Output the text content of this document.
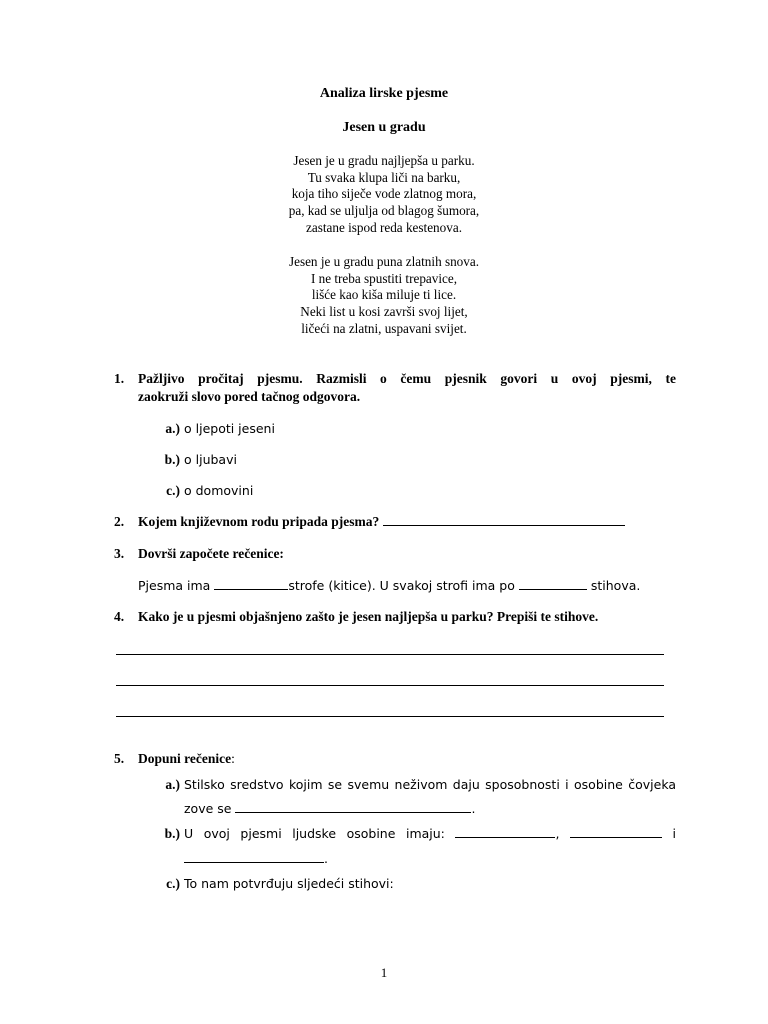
Analiza lirske pjesme
Jesen u gradu
Jesen je u gradu najljepša u parku.
Tu svaka klupa liči na barku,
koja tiho siječe vode zlatnog mora,
pa, kad se uljulja od blagog šumora,
zastane ispod reda kestenova.
Jesen je u gradu puna zlatnih snova.
I ne treba spustiti trepavice,
lišće kao kiša miluje ti lice.
Neki list u kosi završi svoj lijet,
ličeći na zlatni, uspavani svijet.
1. Pažljivo pročitaj pjesmu. Razmisli o čemu pjesnik govori u ovoj pjesmi, te
zaokruži slovo pored tačnog odgovora.
a.) o ljepoti jeseni
b.) o ljubavi
c.) o domovini
2. Kojem književnom rodu pripada pjesma?
3. Dovrši započete rečenice:
Pjesma ima	strofe (kitice). U svakoj strofi ima po	stihova.
4. Kako je u pjesmi objašnjeno zašto je jesen najljepša u parku? Prepiši te stihove.
5. Dopuni rečenice:
a.) Stilsko sredstvo kojim se svemu neživom daju sposobnosti i osobine čovjeka
zove se	.
b.) U ovoj pjesmi ljudske osobine imaju:	,	i
.
c.) To nam potvrđuju sljedeći stihovi:
1
